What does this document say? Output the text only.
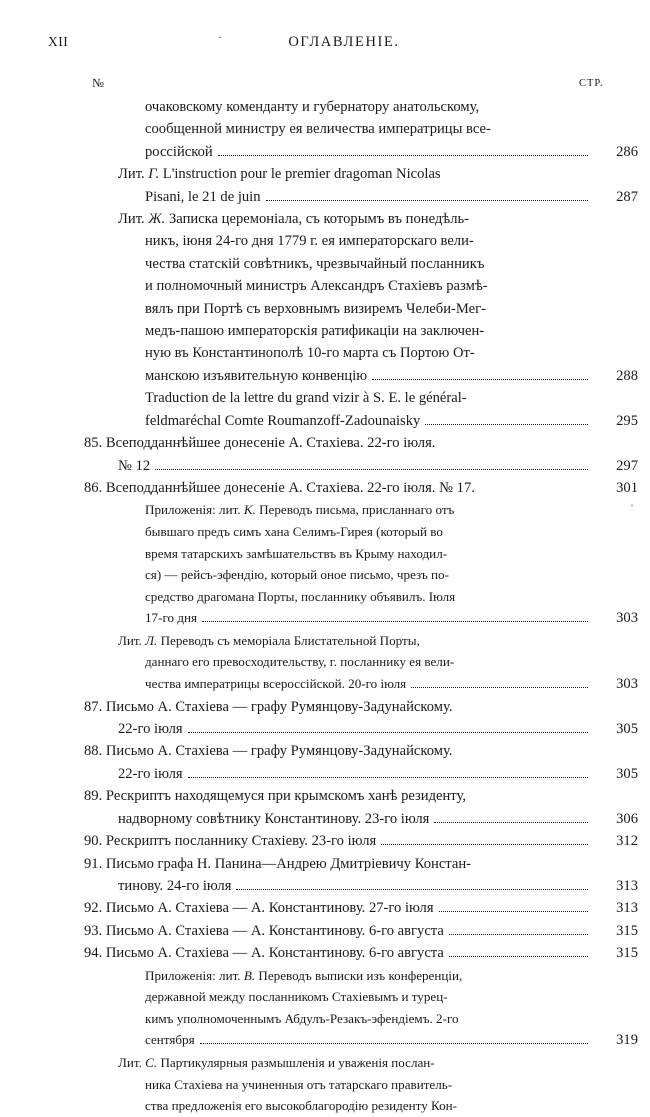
XII	ОГЛАВЛЕНІЕ.
·
·
№	СТР.
очаковскому коменданту и губернатору анатольскому,
сообщенной министру ея величества императрицы все-
россійской	286
Лит. Г. L'instruction pour le premier dragoman Nicolas
Pisani, le 21 de juin	287
Лит. Ж. Записка церемоніала, съ которымъ въ понедѣль-
никъ, іюня 24-го дня 1779 г. ея императорскаго вели-
чества статскій совѣтникъ, чрезвычайный посланникъ
и полномочный министръ Александръ Стахіевъ размѣ-
вялъ при Портѣ съ верховнымъ визиремъ Челеби-Мег-
медъ-пашою императорскія ратификаціи на заключен-
ную въ Константинополѣ 10-го марта съ Портою От-
манскою изъявительную конвенцію	288
Traduction de la lettre du grand vizir à S. E. le général-
feldmaréchal Comte Roumanzoff-Zadounaisky	295
85. Всеподданнѣйшее донесеніе А. Стахіева. 22-го іюля.
№ 12	297
86. Всеподданнѣйшее донесеніе А. Стахіева. 22-го іюля. № 17.	301
Приложенія: лит. К. Переводъ письма, присланнаго отъ
бывшаго предъ симъ хана Селимъ-Гирея (который во
время татарскихъ замѣшательствъ въ Крыму находил-
ся) — рейсъ-эфендію, который оное письмо, чрезъ по-
средство драгомана Порты, посланнику объявилъ. Іюля
17-го дня	303
Лит. Л. Переводъ съ меморіала Блистательной Порты,
даннаго его превосходительству, г. посланнику ея вели-
чества императрицы всероссійской. 20-го іюля	303
87. Письмо А. Стахіева — графу Румянцову-Задунайскому.
22-го іюля	305
88. Письмо А. Стахіева — графу Румянцову-Задунайскому.
22-го іюля	305
89. Рескриптъ находящемуся при крымскомъ ханѣ резиденту,
надворному совѣтнику Константинову. 23-го іюля	306
90. Рескриптъ посланнику Стахіеву. 23-го іюля	312
91. Письмо графа Н. Панина—Андрею Дмитріевичу Констан-
тинову. 24-го іюля	313
92. Письмо А. Стахіева — А. Константинову. 27-го іюля	313
93. Письмо А. Стахіева — А. Константинову. 6-го августа	315
94. Письмо А. Стахіева — А. Константинову. 6-го августа	315
Приложенія: лит. В. Переводъ выписки изъ конференціи,
державной между посланникомъ Стахіевымъ и турец-
кимъ уполномоченнымъ Абдулъ-Резакъ-эфендіемъ. 2-го
сентября	319
Лит. С. Партикулярныя размышленія и уваженія послан-
ника Стахіева на учиненныя отъ татарскаго правитель-
ства предложенія его высокоблагородію резиденту Кон-
